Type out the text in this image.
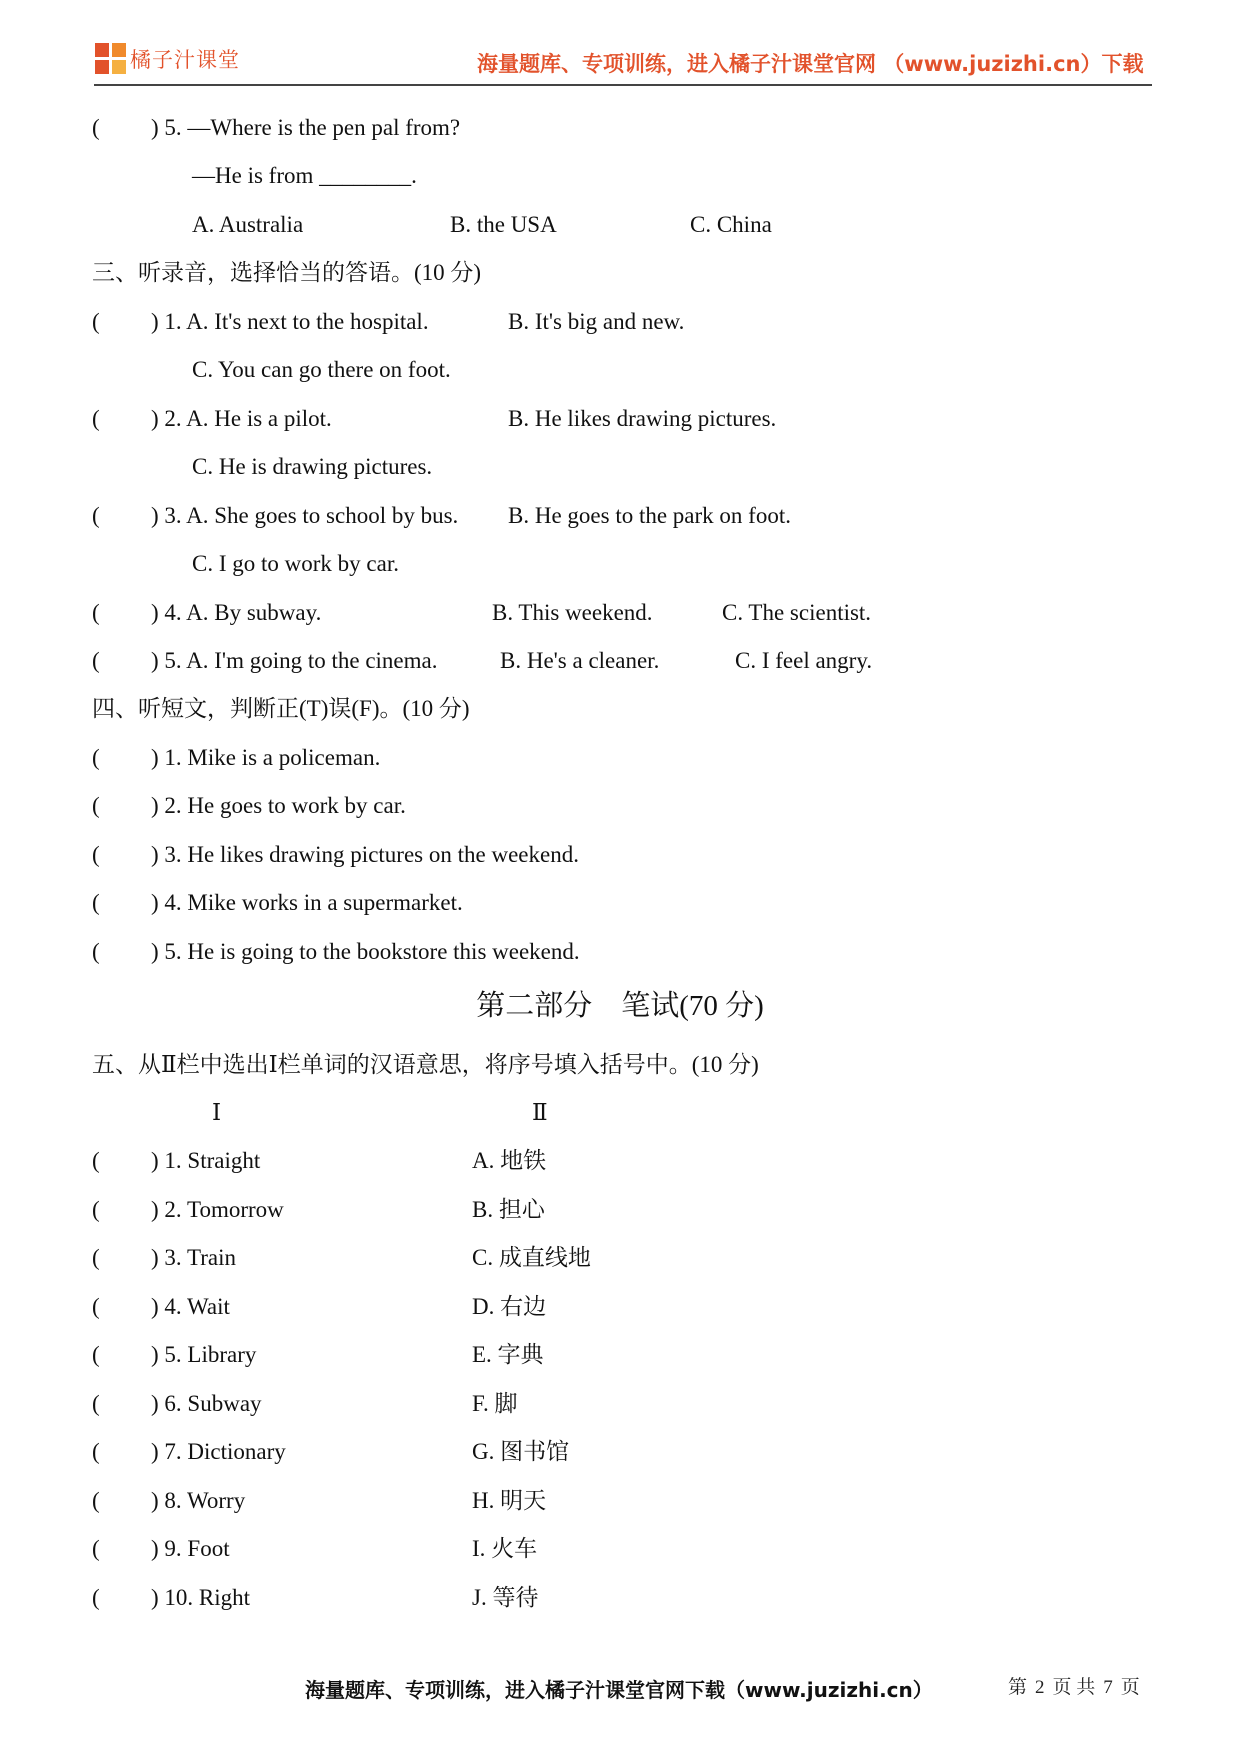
橘子汁课堂	海量题库、专项训练，进入橘子汁课堂官网 （www.juzizhi.cn）下载
( ) 5. —Where is the pen pal from?
—He is from ________.
A. Australia	B. the USA	C. China
三、听录音，选择恰当的答语。(10 分)
( ) 1. A. It's next to the hospital.	B. It's big and new.
C. You can go there on foot.
( ) 2. A. He is a pilot.	B. He likes drawing pictures.
C. He is drawing pictures.
( ) 3. A. She goes to school by bus. B. He goes to the park on foot.
C. I go to work by car.
( ) 4. A. By subway.	B. This weekend.	C. The scientist.
( ) 5. A. I'm going to the cinema.	B. He's a cleaner.	C. I feel angry.
四、听短文，判断正(T)误(F)。(10 分)
( ) 1. Mike is a policeman.
( ) 2. He goes to work by car.
( ) 3. He likes drawing pictures on the weekend.
( ) 4. Mike works in a supermarket.
( ) 5. He is going to the bookstore this weekend.
第二部分　笔试(70 分)
五、从Ⅱ栏中选出Ⅰ栏单词的汉语意思，将序号填入括号中。(10 分)
Ⅰ	Ⅱ
( ) 1. Straight	A. 地铁
( ) 2. Tomorrow	B. 担心
( ) 3. Train	C. 成直线地
( ) 4. Wait	D. 右边
( ) 5. Library	E. 字典
( ) 6. Subway	F. 脚
( ) 7. Dictionary	G. 图书馆
( ) 8. Worry	H. 明天
( ) 9. Foot	I. 火车
( ) 10. Right	J. 等待
海量题库、专项训练，进入橘子汁课堂官网下载（www.juzizhi.cn）	第 2 页 共 7 页
